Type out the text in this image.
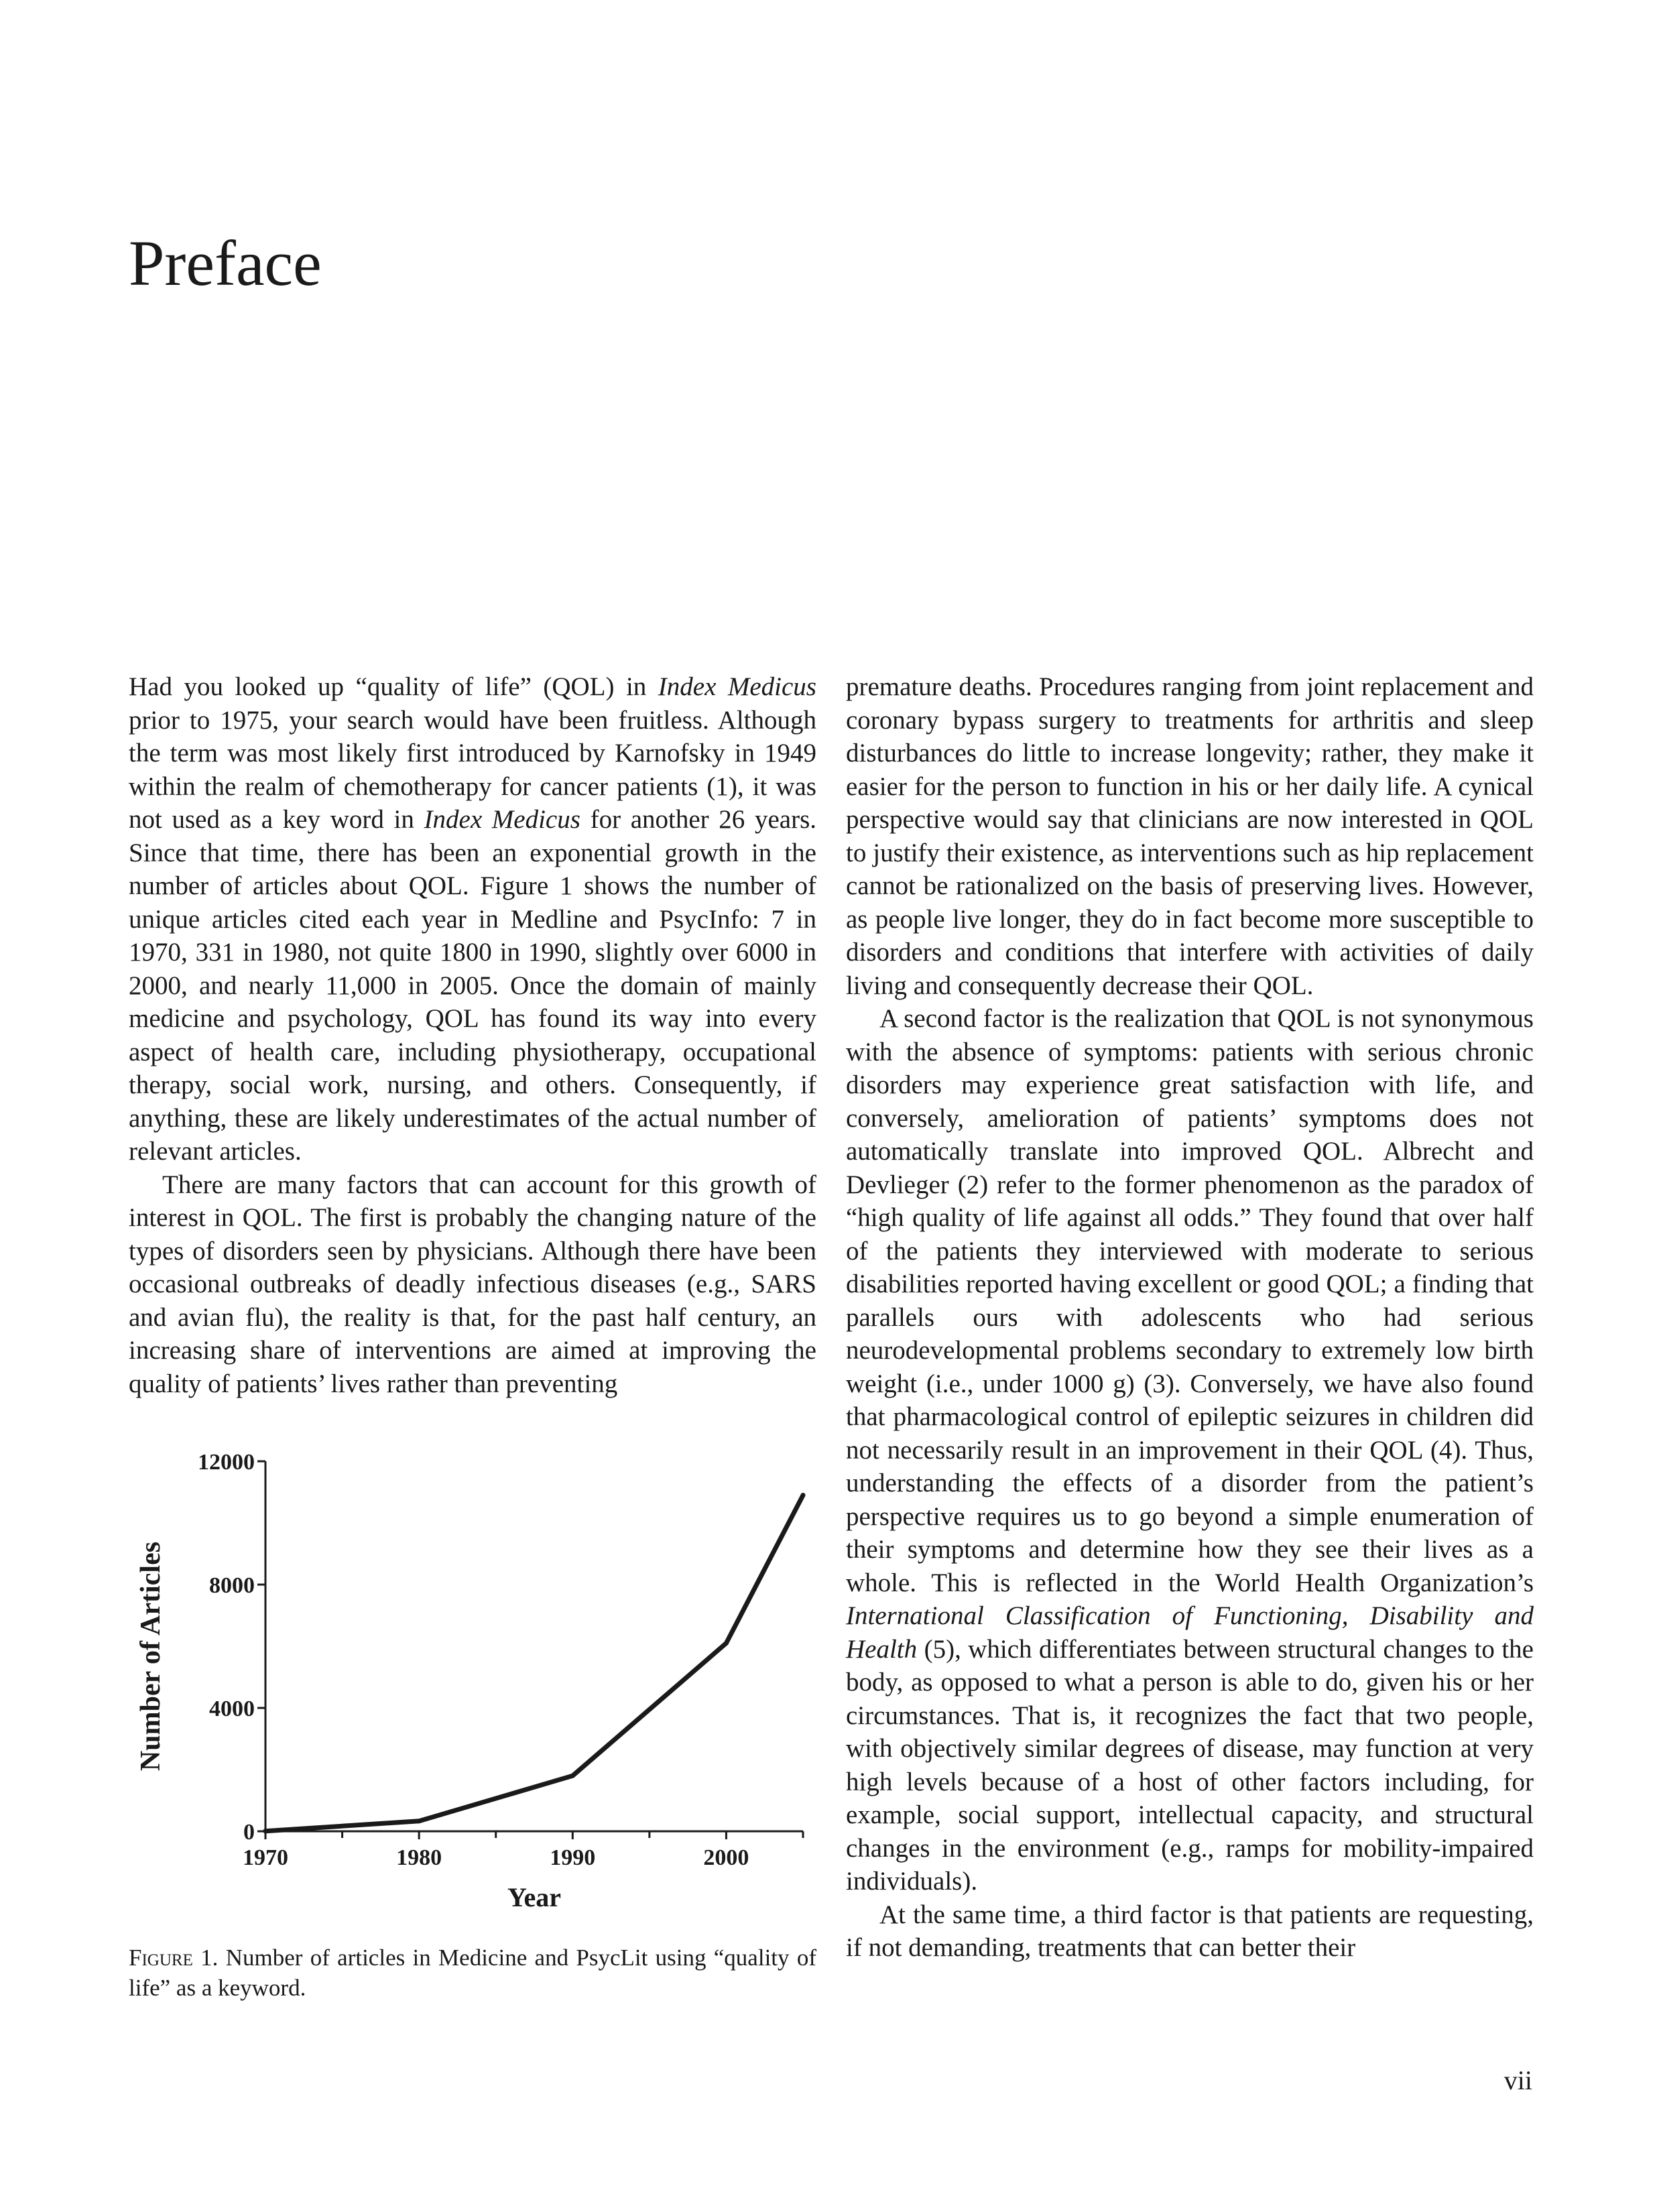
Preface

Had you looked up “quality of life” (QOL) in Index Medicus prior to 1975, your search would have been fruitless. Although the term was most likely first introduced by Karnofsky in 1949 within the realm of chemotherapy for cancer patients (1), it was not used as a key word in Index Medicus for another 26 years. Since that time, there has been an exponential growth in the number of articles about QOL. Figure 1 shows the number of unique articles cited each year in Medline and PsycInfo: 7 in 1970, 331 in 1980, not quite 1800 in 1990, slightly over 6000 in 2000, and nearly 11,000 in 2005. Once the domain of mainly medicine and psychology, QOL has found its way into every aspect of health care, including physiotherapy, occupational therapy, social work, nursing, and others. Consequently, if anything, these are likely underestimates of the actual number of relevant articles.

There are many factors that can account for this growth of interest in QOL. The first is probably the changing nature of the types of disorders seen by physicians. Although there have been occasional outbreaks of deadly infectious diseases (e.g., SARS and avian flu), the reality is that, for the past half century, an increasing share of interventions are aimed at improving the quality of patients’ lives rather than preventing

0
4000
8000
12000
1970	1980	1990	2000
Year
Number of Articles

Figure 1. Number of articles in Medicine and PsycLit using “quality of life” as a keyword.

premature deaths. Procedures ranging from joint replacement and coronary bypass surgery to treatments for arthritis and sleep disturbances do little to increase longevity; rather, they make it easier for the person to function in his or her daily life. A cynical perspective would say that clinicians are now interested in QOL to justify their existence, as interventions such as hip replacement cannot be rationalized on the basis of preserving lives. However, as people live longer, they do in fact become more susceptible to disorders and conditions that interfere with activities of daily living and consequently decrease their QOL.

A second factor is the realization that QOL is not synonymous with the absence of symptoms: patients with serious chronic disorders may experience great satisfaction with life, and conversely, amelioration of patients’ symptoms does not automatically translate into improved QOL. Albrecht and Devlieger (2) refer to the former phenomenon as the paradox of “high quality of life against all odds.” They found that over half of the patients they interviewed with moderate to serious disabilities reported having excellent or good QOL; a finding that parallels ours with adolescents who had serious neurodevelopmental problems secondary to extremely low birth weight (i.e., under 1000 g) (3). Conversely, we have also found that pharmacological control of epileptic seizures in children did not necessarily result in an improvement in their QOL (4). Thus, understanding the effects of a disorder from the patient’s perspective requires us to go beyond a simple enumeration of their symptoms and determine how they see their lives as a whole. This is reflected in the World Health Organization’s International Classification of Functioning, Disability and Health (5), which differentiates between structural changes to the body, as opposed to what a person is able to do, given his or her circumstances. That is, it recognizes the fact that two people, with objectively similar degrees of disease, may function at very high levels because of a host of other factors including, for example, social support, intellectual capacity, and structural changes in the environment (e.g., ramps for mobility-impaired individuals).

At the same time, a third factor is that patients are requesting, if not demanding, treatments that can better their

vii
